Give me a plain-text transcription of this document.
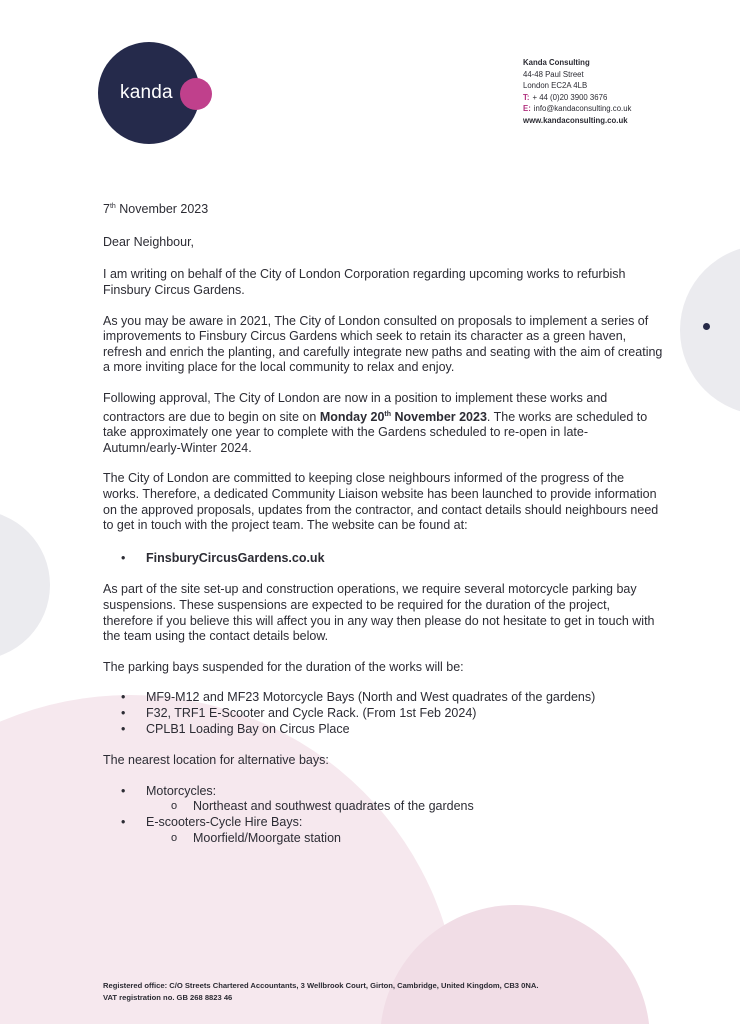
kanda
Kanda Consulting
44-48 Paul Street
London EC2A 4LB
T: + 44 (0)20 3900 3676
E: info@kandaconsulting.co.uk
www.kandaconsulting.co.uk

7th November 2023

Dear Neighbour,

I am writing on behalf of the City of London Corporation regarding upcoming works to refurbish Finsbury Circus Gardens.

As you may be aware in 2021, The City of London consulted on proposals to implement a series of improvements to Finsbury Circus Gardens which seek to retain its character as a green haven, refresh and enrich the planting, and carefully integrate new paths and seating with the aim of creating a more inviting place for the local community to relax and enjoy.

Following approval, The City of London are now in a position to implement these works and contractors are due to begin on site on Monday 20th November 2023. The works are scheduled to take approximately one year to complete with the Gardens scheduled to re-open in late-Autumn/early-Winter 2024.

The City of London are committed to keeping close neighbours informed of the progress of the works. Therefore, a dedicated Community Liaison website has been launched to provide information on the approved proposals, updates from the contractor, and contact details should neighbours need to get in touch with the project team. The website can be found at:

• FinsburyCircusGardens.co.uk

As part of the site set-up and construction operations, we require several motorcycle parking bay suspensions. These suspensions are expected to be required for the duration of the project, therefore if you believe this will affect you in any way then please do not hesitate to get in touch with the team using the contact details below.

The parking bays suspended for the duration of the works will be:

• MF9-M12 and MF23 Motorcycle Bays (North and West quadrates of the gardens)
• F32, TRF1 E-Scooter and Cycle Rack. (From 1st Feb 2024)
• CPLB1 Loading Bay on Circus Place

The nearest location for alternative bays:

• Motorcycles:
o Northeast and southwest quadrates of the gardens
• E-scooters-Cycle Hire Bays:
o Moorfield/Moorgate station
Registered office: C/O Streets Chartered Accountants, 3 Wellbrook Court, Girton, Cambridge, United Kingdom, CB3 0NA.
VAT registration no. GB 268 8823 46
